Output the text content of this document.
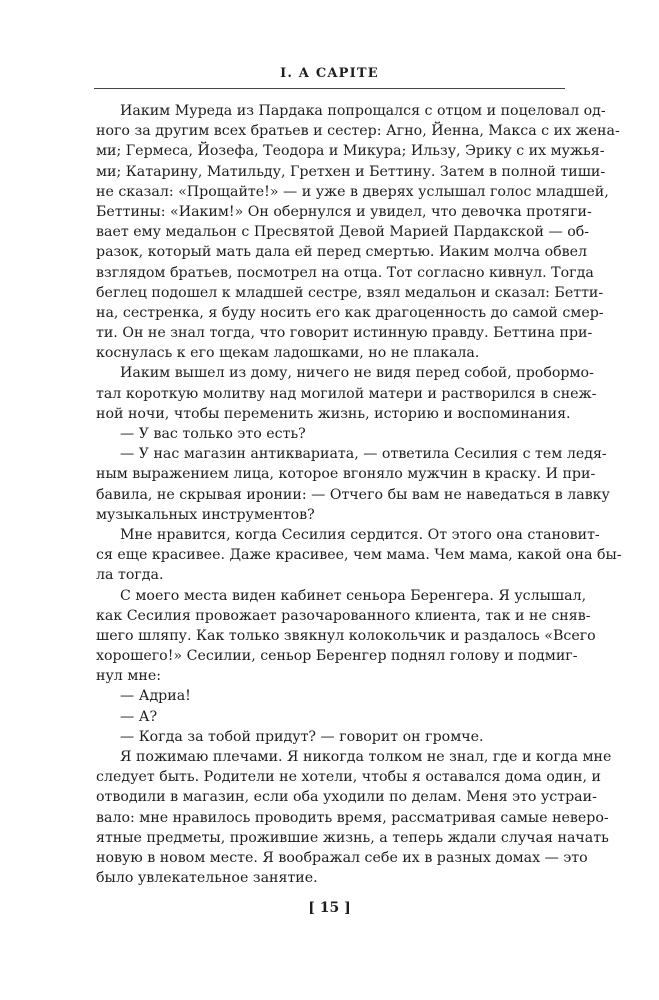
I. A CAPITE
Иаким Муреда из Пардака попрощался с отцом и поцеловал од-
ного за другим всех братьев и сестер: Агно, Йенна, Макса с их жена-
ми; Гермеса, Йозефа, Теодора и Микура; Ильзу, Эрику с их мужья-
ми; Катарину, Матильду, Гретхен и Беттину. Затем в полной тиши-
не сказал: «Прощайте!» — и уже в дверях услышал голос младшей,
Беттины: «Иаким!» Он обернулся и увидел, что девочка протяги-
вает ему медальон с Пресвятой Девой Марией Пардакской — об-
разок, который мать дала ей перед смертью. Иаким молча обвел
взглядом братьев, посмотрел на отца. Тот согласно кивнул. Тогда
беглец подошел к младшей сестре, взял медальон и сказал: Бетти-
на, сестренка, я буду носить его как драгоценность до самой смер-
ти. Он не знал тогда, что говорит истинную правду. Беттина при-
коснулась к его щекам ладошками, но не плакала.
Иаким вышел из дому, ничего не видя перед собой, пробормо-
тал короткую молитву над могилой матери и растворился в снеж-
ной ночи, чтобы переменить жизнь, историю и воспоминания.
— У вас только это есть?
— У нас магазин антиквариата, — ответила Сесилия с тем ледя-
ным выражением лица, которое вгоняло мужчин в краску. И при-
бавила, не скрывая иронии: — Отчего бы вам не наведаться в лавку
музыкальных инструментов?
Мне нравится, когда Сесилия сердится. От этого она становит-
ся еще красивее. Даже красивее, чем мама. Чем мама, какой она бы-
ла тогда.
С моего места виден кабинет сеньора Беренгера. Я услышал,
как Сесилия провожает разочарованного клиента, так и не сняв-
шего шляпу. Как только звякнул колокольчик и раздалось «Всего
хорошего!» Сесилии, сеньор Беренгер поднял голову и подмиг-
нул мне:
— Адриа!
— А?
— Когда за тобой придут? — говорит он громче.
Я пожимаю плечами. Я никогда толком не знал, где и когда мне
следует быть. Родители не хотели, чтобы я оставался дома один, и
отводили в магазин, если оба уходили по делам. Меня это устраи-
вало: мне нравилось проводить время, рассматривая самые неверо-
ятные предметы, прожившие жизнь, а теперь ждали случая начать
новую в новом месте. Я воображал себе их в разных домах — это
было увлекательное занятие.
[ 15 ]
